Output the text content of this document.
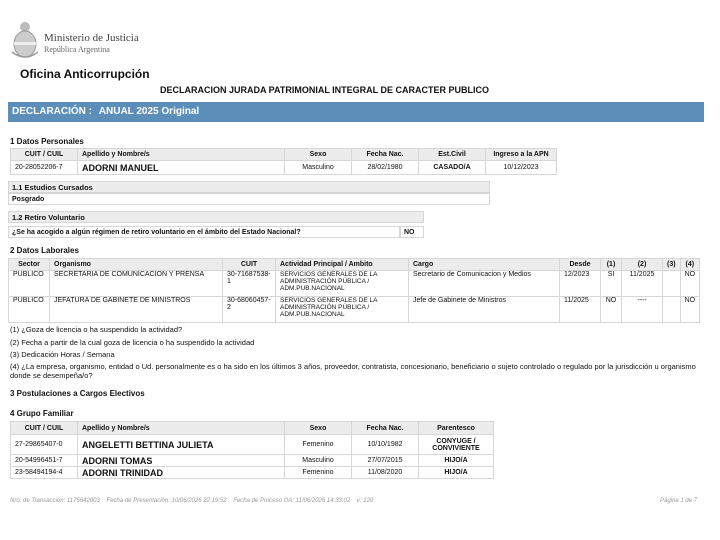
Ministerio de Justicia
República Argentina
Oficina Anticorrupción
DECLARACION JURADA PATRIMONIAL INTEGRAL DE CARACTER PUBLICO
DECLARACIÓN : ANUAL 2025 Original
1 Datos Personales
CUIT / CUIL	Apellido y Nombre/s	Sexo	Fecha Nac.	Est.Civil	Ingreso a la APN
20-28052206-7	ADORNI MANUEL	Masculino	28/02/1980	CASADO/A	10/12/2023
1.1 Estudios Cursados
Posgrado
1.2 Retiro Voluntario
¿Se ha acogido a algún régimen de retiro voluntario en el ámbito del Estado Nacional?	NO
2 Datos Laborales
Sector	Organismo	CUIT	Actividad Principal / Ambito	Cargo	Desde	(1)	(2)	(3)	(4)
PUBLICO	SECRETARIA DE COMUNICACION Y PRENSA	30-71687538-1	SERVICIOS GENERALES DE LA ADMINISTRACIÓN PÚBLICA / ADM.PUB.NACIONAL	Secretario de Comunicacion y Medios	12/2023	SI	11/2025		NO
PUBLICO	JEFATURA DE GABINETE DE MINISTROS	30-68060457-2	SERVICIOS GENERALES DE LA ADMINISTRACIÓN PÚBLICA / ADM.PUB.NACIONAL	Jefe de Gabinete de Ministros	11/2025	NO	----		NO
(1) ¿Goza de licencia o ha suspendido la actividad?
(2) Fecha a partir de la cual goza de licencia o ha suspendido la actividad
(3) Dedicación Horas / Semana
(4) ¿La empresa, organismo, entidad o Ud. personalmente es o ha sido en los últimos 3 años, proveedor, contratista, concesionario, beneficiario o sujeto controlado o regulado por la jurisdicción u organismo donde se desempeña/o?
3 Postulaciones a Cargos Electivos
4 Grupo Familiar
CUIT / CUIL	Apellido y Nombre/s	Sexo	Fecha Nac.	Parentesco
27-29865407-0	ANGELETTI BETTINA JULIETA	Femenino	10/10/1982	CONYUGE / CONVIVIENTE
20-54996451-7	ADORNI TOMAS	Masculino	27/07/2015	HIJO/A
23-58494194-4	ADORNI TRINIDAD	Femenino	11/08/2020	HIJO/A
Nro. de Transacción: 1175642003    Fecha de Presentación: 10/06/2026 22:19:52    Fecha de Proceso OA: 11/06/2026 14:33:02    v: 120	Página 1 de 7
